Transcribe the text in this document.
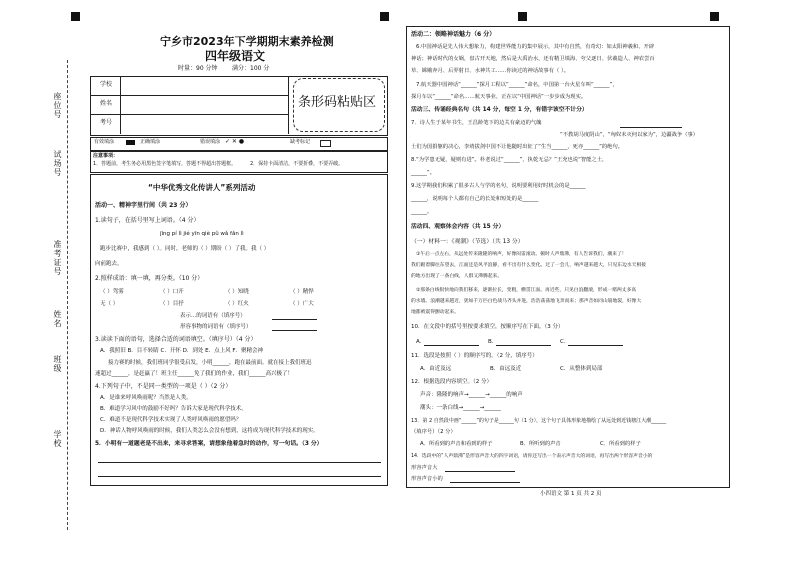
座位号
试场号
准考证号
姓名
班级
学校
宁乡市2023年下学期期末素养检测
四年级语文
时量：90 分钟 满分：100 分
学校
姓名
考号
条形码粘贴区
有效填涂	正确填涂	错误填涂 ✓ ✕ ●	缺考标记
注意事项：
1．答题前，考生务必用黑色签字笔填写，答题不得超出答题框。	2．保持卡面清洁，不要折叠，不要弄破。
“中华优秀文化传讲人”系列活动
活动一、精神字里行间（共 23 分）
1.读句子，在括号里写上词语。（4 分）
jīng pí lì jié yīn qiè pǔ wǎ fǎn lì
跑步比赛中，我感到（ ）。同时，老师的（ ）期盼（ ）了我。我（ ）
向前跑去。
2.照样成语：填一填，再分类。（10 分）
（ ）驾雾	（ ）口开	（ ）知晓	（ ）精悍
无（ ）	（ ）目抒	（ ）红火	（ ）广大
表示...的词语有（填序号）
形容事物的词语有（填序号）
3.读读下面的语句，选择合适的词语填空。（填序号）（4 分）
A．我照旧 B．目不转睛 C．开怀 D．到处 E．点上风 F．聚精会神
接力赛的时候，我们班同学很受启发，小明______，跑在最前面。就在接上我们班迅
速超过______，是赶赢了！班主任______免了我们的作业，我们______高兴极了！
4.下列句子中，不是同一类型的一项是（ ）（2 分）
A．是谁来呼风唤雨呢？当然是人类。
B．难道学习风中的鼓励不好吗？告诉大家是现代科学技术。
C．难道不是现代科学技术实现了人类呼风唤雨的愿望吗？
D．神话人物呼风唤雨的时候，我们人类怎么会没有想到，这将成为现代科学技术的现实。
5．小明有一道题老是不出来，来寻求答案，请想象他着急时的动作，写一句话。（3 分）
活动二：领略神话魅力（6 分）
6.中国神话是先人伟大想象力，构建世界能力的集中展示，其中有自然，有奇幻：如太阳神羲和、开辟
神话；神话时代的女娲，盘古开天地，然后是大禹治水，还有精卫填海、夸父逐日、伏羲造人、神农尝百
草、嫦娥奔月、后羿射日、水神共工……你读过的神话故事有（ ）。
7.航天器中国神话“______”探月工程以“______”命名，中国第一台火星车叫“______”，
探月车以“______”命名……航天事业，正在以“中国神话”一步步成为现实。
活动三、传诵经典名句（共 14 分，每空 1 分，有错字该空不计分）
7．诗人生于某年书生，王昌龄笔下的边关有豪迈的气魄
“不教胡马度阴山”，“匈奴未灭何以家为”，边疆战争（事）
士们为国捐躯的决心，李靖拔剑中国不让他随时出征了“生当______，死亦______”的绝句。
8.“为学患无疑，疑则有进”。朴老说过“______”，执乾无忌？”王充也说“智能之士，
______”。
9.这学期我们积累了很多古人与学的名句，说明要利用好时机会的是______
______，说明每个人都有自己的长处和短处的是______
______。
活动四、观察体会内容（共 15 分）
（一）材料一：《观潮》（节选）（共 13 分）
①午后一点左右，从远处传来隆隆的响声，好像闷雷滚动。顿时人声鼎沸，有人告诉我们，潮来了！
我们踮着脚往东望去，江面还是风平浪静，看不出有什么变化。过了一会儿，响声越来越大，只见东边水天相接
的地方出现了一条白线，人群又沸腾起来。
②那条白线很快地向我们移来，逐渐拉长，变粗，横贯江面。再近些，只见白浪翻滚，形成一堵两丈多高
的水墙。浪潮越来越近，犹如千万匹白色战马齐头并进，浩浩荡荡地飞奔而来；那声音如同山崩地裂，好像大
地都被震得颤动起来。
10．在文段中的括号里按要求填空，按顺序写在下面。（3 分）
A.	B.	C.
11．选段是按照（ ）的顺序写的。（2 分，填序号）
A．由近及远	B．由远及近	C．从整体到局部
12．根据选段内容填空。（2 分）
声音：隆隆的响声→______→______的响声
潮头：一条白线→______→______
13．第 2 自然段中画“______”的句子是______句（1 分），这个句子具体形象地描绘了从远处到近钱塘江大潮______
（填序号）（2 分）
A．所看到的声音和看到的样子	B．所听到的声音	C．所看到的样子
14．选段中的“人声鼎沸”是形容声音大的四字词语，请你还写出一个表示声音大的词语，再写出两个形容声音小的
形容声音大
形容声音小的
小四语文 第 1 页 共 2 页
